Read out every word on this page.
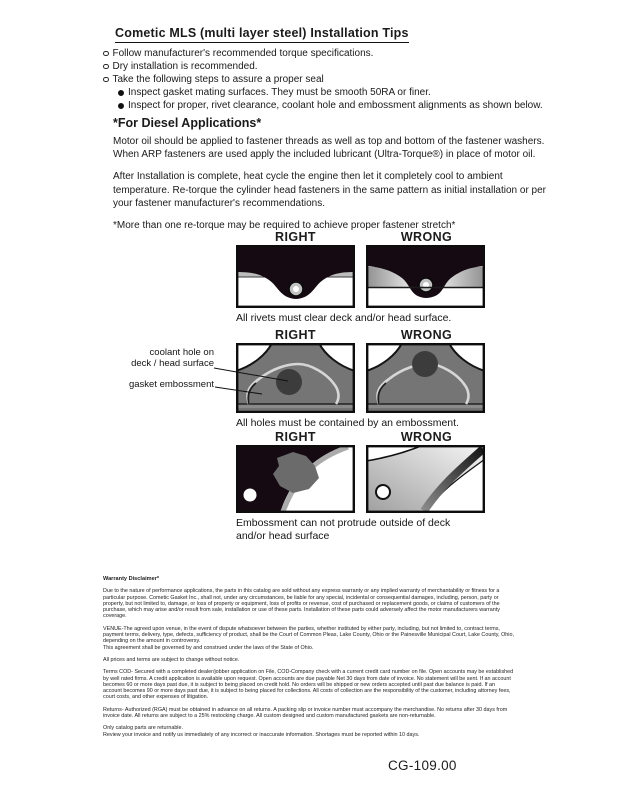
Cometic MLS (multi layer steel) Installation Tips
Follow manufacturer's recommended torque specifications.
Dry installation is recommended.
Take the following steps to assure a proper seal
Inspect gasket mating surfaces. They must be smooth 50RA or finer.
Inspect for proper, rivet clearance, coolant hole and embossment alignments as shown below.
*For Diesel Applications*

Motor oil should be applied to fastener threads as well as top and bottom of the fastener washers. When ARP fasteners are used apply the included lubricant (Ultra-Torque®) in place of motor oil.

After Installation is complete, heat cycle the engine then let it completely cool to ambient temperature. Re-torque the cylinder head fasteners in the same pattern as initial installation or per your fastener manufacturer's recommendations.

*More than one re-torque may be required to achieve proper fastener stretch*

RIGHT	WRONG
All rivets must clear deck and/or head surface.
coolant hole on
deck / head surface
gasket embossment
RIGHT	WRONG
All holes must be contained by an embossment.
RIGHT	WRONG
Embossment can not protrude outside of deck and/or head surface
Warranty Disclaimer*

Due to the nature of performance applications, the parts in this catalog are sold without any express warranty or any implied warranty of merchantability or fitness for a particular purpose. Cometic Gasket Inc., shall not, under any circumstances, be liable for any special, incidental or consequential damages, including, person, party or property, but not limited to, damage, or loss of property or equipment, loss of profits or revenue, cost of purchased or replacement goods, or claims of customers of the purchase, which may arise and/or result from sale, installation or use of these parts. Installation of these parts could adversely affect the motor manufacturers warranty coverage.

VENUE-The agreed upon venue, in the event of dispute whatsoever between the parties, whether instituted by either party, including, but not limited to, contract terms, payment terms, delivery, type, defects, sufficiency of product, shall be the Court of Common Pleas, Lake County, Ohio or the Painesville Municipal Court, Lake County, Ohio, depending on the amount in controversy.
This agreement shall be governed by and construed under the laws of the State of Ohio.

All prices and terms are subject to change without notice.

Terms COD- Secured with a completed dealer/jobber application on File, COD-Company check with a current credit card number on file. Open accounts may be established by well rated firms. A credit application is available upon request. Open accounts are due payable Net 30 days from date of invoice. No statement will be sent. If an account becomes 60 or more days past due, it is subject to being placed on credit hold. No orders will be shipped or new orders accepted until past due balance is paid. If an account becomes 90 or more days past due, it is subject to being placed for collections. All costs of collection are the responsibility of the customer, including attorney fees, court costs, and other expenses of litigation.

Returns- Authorized (RGA) must be obtained in advance on all returns. A packing slip or invoice number must accompany the merchandise. No returns after 30 days from invoice date. All returns are subject to a 25% restocking charge. All custom designed and custom manufactured gaskets are non-returnable.

Only catalog parts are returnable.
Review your invoice and notify us immediately of any incorrect or inaccurate information. Shortages must be reported within 10 days.

CG-109.00
